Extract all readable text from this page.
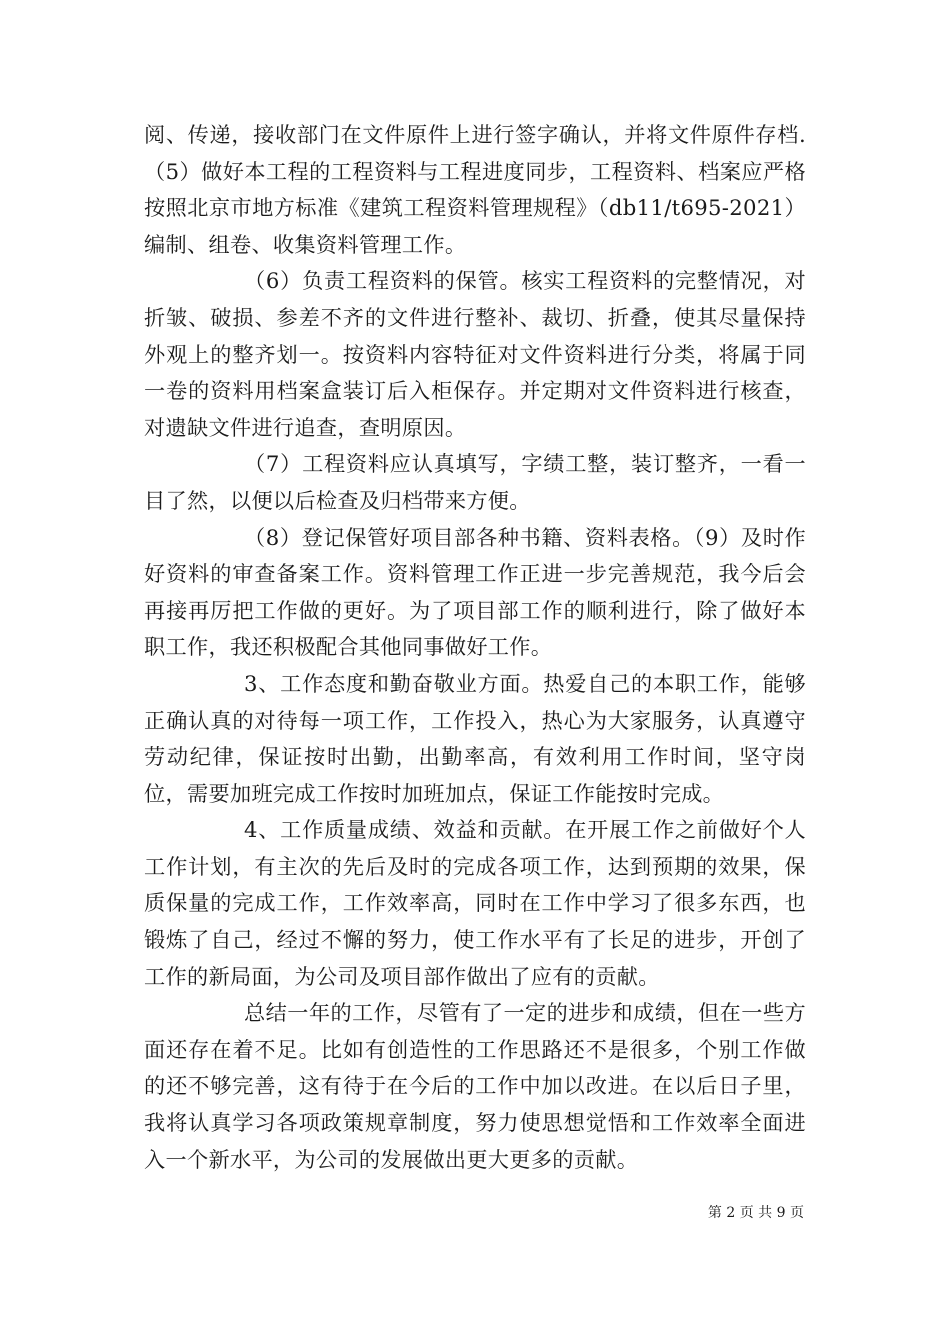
阅、传递，接收部门在文件原件上进行签字确认，并将文件原件存档.（5）做好本工程的工程资料与工程进度同步，工程资料、档案应严格按照北京市地方标准《建筑工程资料管理规程》（db11/t695-2021）编制、组卷、收集资料管理工作。

（6）负责工程资料的保管。核实工程资料的完整情况，对折皱、破损、参差不齐的文件进行整补、裁切、折叠，使其尽量保持外观上的整齐划一。按资料内容特征对文件资料进行分类，将属于同一卷的资料用档案盒装订后入柜保存。并定期对文件资料进行核查，对遗缺文件进行追查，查明原因。

（7）工程资料应认真填写，字绩工整，装订整齐，一看一目了然，以便以后检查及归档带来方便。

（8）登记保管好项目部各种书籍、资料表格。（9）及时作好资料的审查备案工作。资料管理工作正进一步完善规范，我今后会再接再厉把工作做的更好。为了项目部工作的顺利进行，除了做好本职工作，我还积极配合其他同事做好工作。

3、工作态度和勤奋敬业方面。热爱自己的本职工作，能够正确认真的对待每一项工作，工作投入，热心为大家服务，认真遵守劳动纪律，保证按时出勤，出勤率高，有效利用工作时间，坚守岗位，需要加班完成工作按时加班加点，保证工作能按时完成。

4、工作质量成绩、效益和贡献。在开展工作之前做好个人工作计划，有主次的先后及时的完成各项工作，达到预期的效果，保质保量的完成工作，工作效率高，同时在工作中学习了很多东西，也锻炼了自己，经过不懈的努力，使工作水平有了长足的进步，开创了工作的新局面，为公司及项目部作做出了应有的贡献。

总结一年的工作，尽管有了一定的进步和成绩，但在一些方面还存在着不足。比如有创造性的工作思路还不是很多，个别工作做的还不够完善，这有待于在今后的工作中加以改进。在以后日子里，我将认真学习各项政策规章制度，努力使思想觉悟和工作效率全面进入一个新水平，为公司的发展做出更大更多的贡献。

第 2 页 共 9 页
